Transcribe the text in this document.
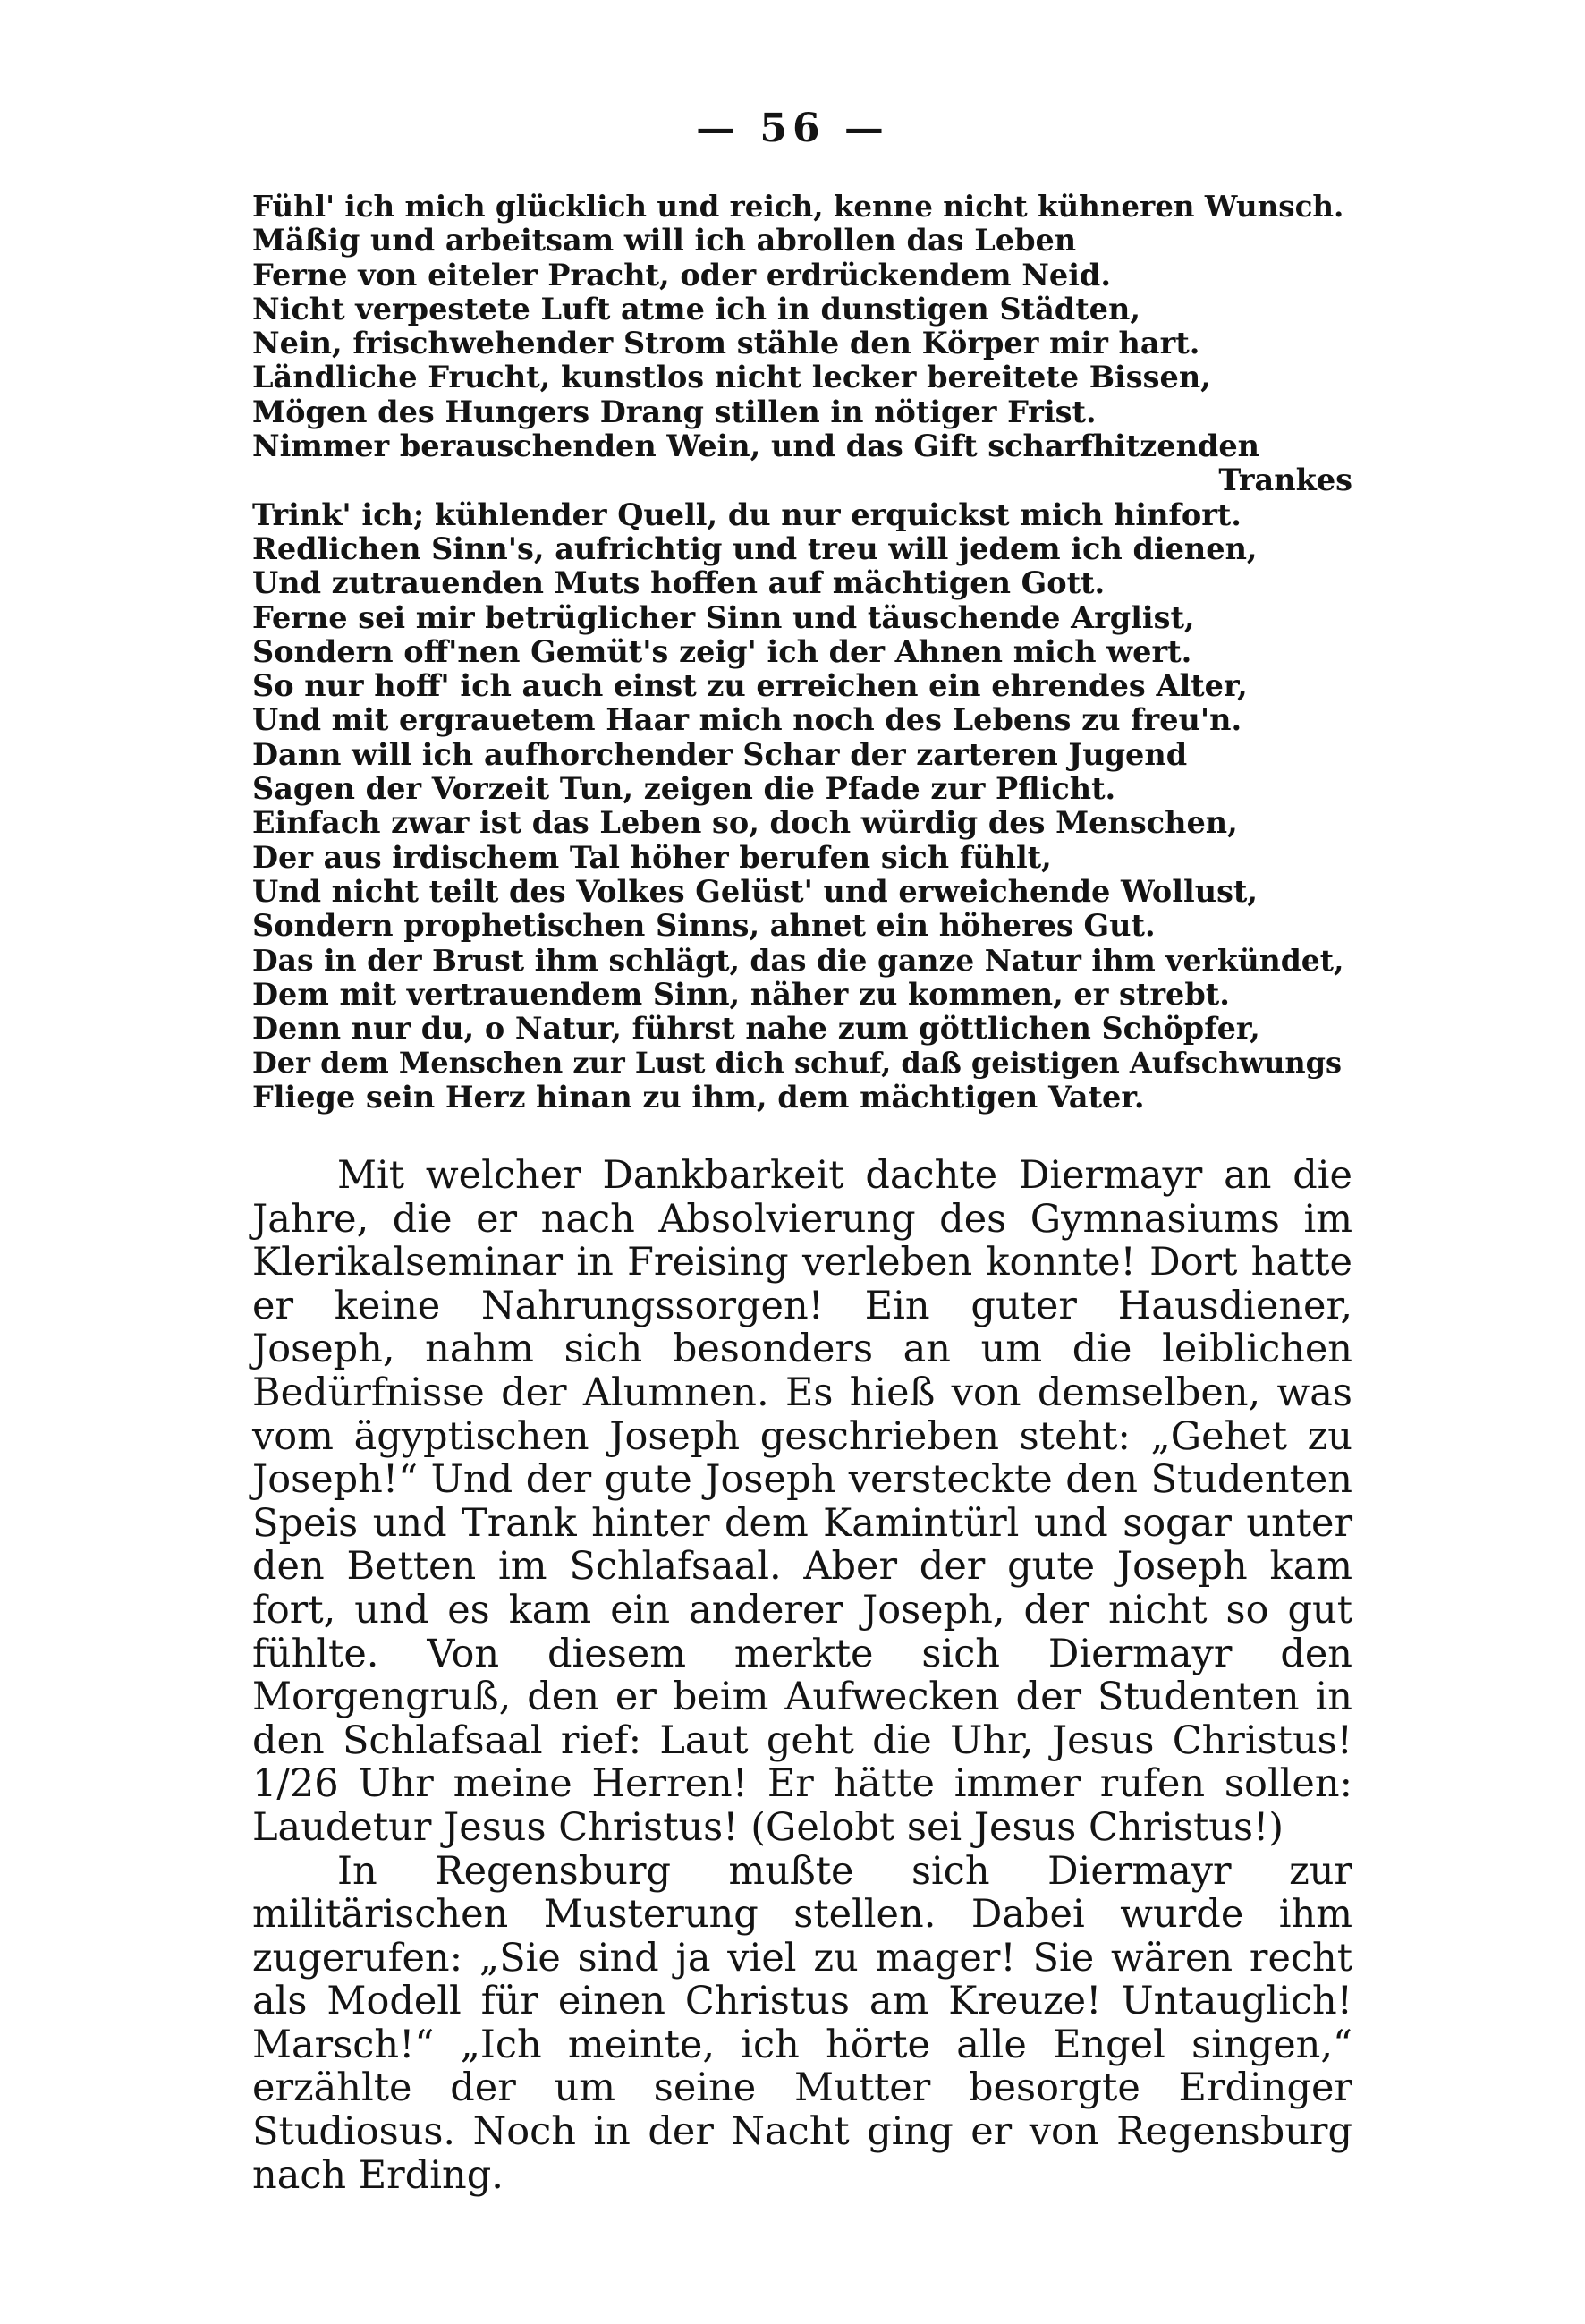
— 56 —
Fühl' ich mich glücklich und reich, kenne nicht kühneren Wunsch.
Mäßig und arbeitsam will ich abrollen das Leben
Ferne von eiteler Pracht, oder erdrückendem Neid.
Nicht verpestete Luft atme ich in dunstigen Städten,
Nein, frischwehender Strom stähle den Körper mir hart.
Ländliche Frucht, kunstlos nicht lecker bereitete Bissen,
Mögen des Hungers Drang stillen in nötiger Frist.
Nimmer berauschenden Wein, und das Gift scharfhitzenden
Trankes
Trink' ich; kühlender Quell, du nur erquickst mich hinfort.
Redlichen Sinn's, aufrichtig und treu will jedem ich dienen,
Und zutrauenden Muts hoffen auf mächtigen Gott.
Ferne sei mir betrüglicher Sinn und täuschende Arglist,
Sondern off'nen Gemüt's zeig' ich der Ahnen mich wert.
So nur hoff' ich auch einst zu erreichen ein ehrendes Alter,
Und mit ergrauetem Haar mich noch des Lebens zu freu'n.
Dann will ich aufhorchender Schar der zarteren Jugend
Sagen der Vorzeit Tun, zeigen die Pfade zur Pflicht.
Einfach zwar ist das Leben so, doch würdig des Menschen,
Der aus irdischem Tal höher berufen sich fühlt,
Und nicht teilt des Volkes Gelüst' und erweichende Wollust,
Sondern prophetischen Sinns, ahnet ein höheres Gut.
Das in der Brust ihm schlägt, das die ganze Natur ihm verkündet,
Dem mit vertrauendem Sinn, näher zu kommen, er strebt.
Denn nur du, o Natur, führst nahe zum göttlichen Schöpfer,
Der dem Menschen zur Lust dich schuf, daß geistigen Aufschwungs
Fliege sein Herz hinan zu ihm, dem mächtigen Vater.

Mit welcher Dankbarkeit dachte Diermayr an die Jahre, die er nach Absolvierung des Gymnasiums im Klerikalseminar in Freising verleben konnte! Dort hatte er keine Nahrungssorgen! Ein guter Hausdiener, Joseph, nahm sich besonders an um die leiblichen Bedürfnisse der Alumnen. Es hieß von demselben, was vom ägyptischen Joseph geschrieben steht: „Gehet zu Joseph!“ Und der gute Joseph versteckte den Studenten Speis und Trank hinter dem Kamintürl und sogar unter den Betten im Schlafsaal. Aber der gute Joseph kam fort, und es kam ein anderer Joseph, der nicht so gut fühlte. Von diesem merkte sich Diermayr den Morgengruß, den er beim Aufwecken der Studenten in den Schlafsaal rief: Laut geht die Uhr, Jesus Christus! 1/26 Uhr meine Herren! Er hätte immer rufen sollen: Laudetur Jesus Christus! (Gelobt sei Jesus Christus!)

In Regensburg mußte sich Diermayr zur militärischen Musterung stellen. Dabei wurde ihm zugerufen: „Sie sind ja viel zu mager! Sie wären recht als Modell für einen Christus am Kreuze! Untauglich! Marsch!“ „Ich meinte, ich hörte alle Engel singen,“ erzählte der um seine Mutter besorgte Erdinger Studiosus. Noch in der Nacht ging er von Regensburg nach Erding.
